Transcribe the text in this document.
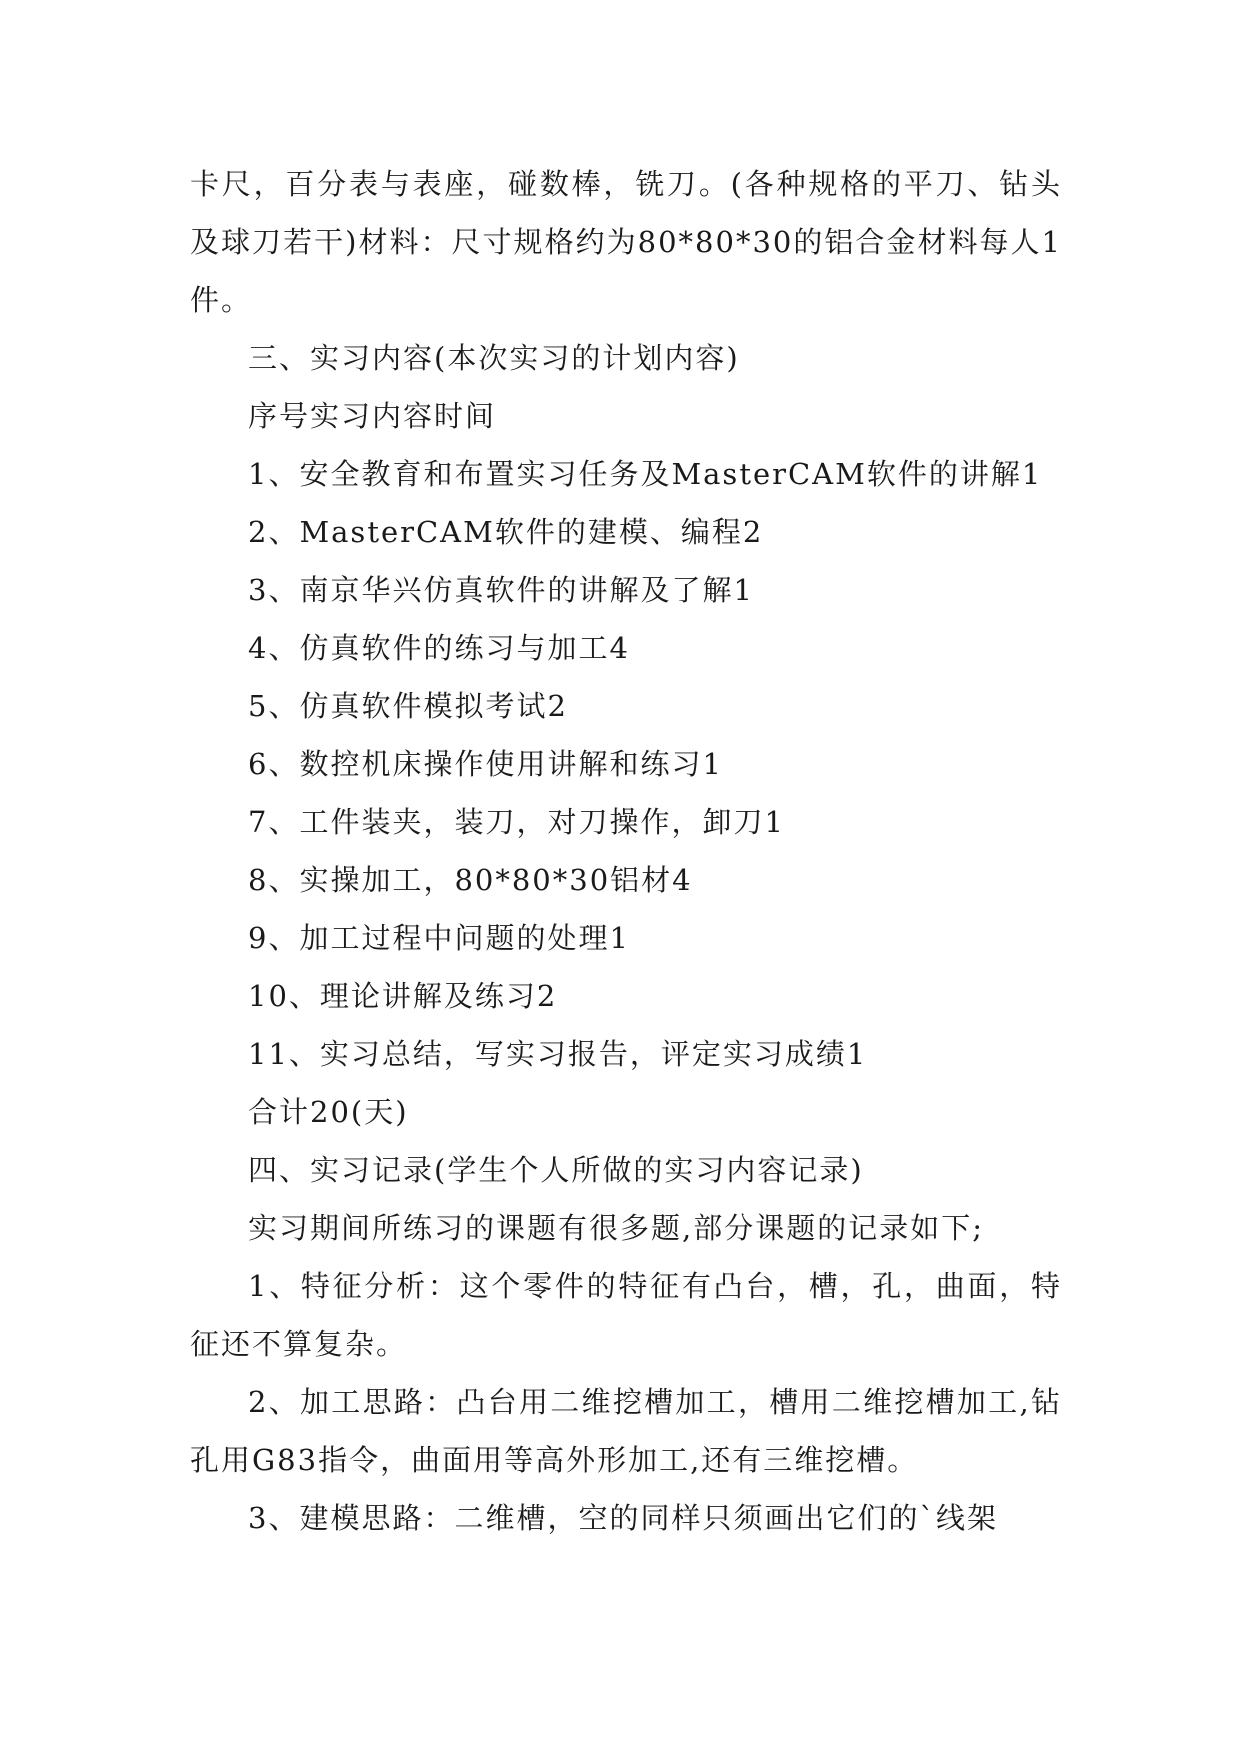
卡尺，百分表与表座，碰数棒，铣刀。(各种规格的平刀、钻头及球刀若干)材料：尺寸规格约为80*80*30的铝合金材料每人1件。

三、实习内容(本次实习的计划内容)

序号实习内容时间

1、安全教育和布置实习任务及MasterCAM软件的讲解1

2、MasterCAM软件的建模、编程2

3、南京华兴仿真软件的讲解及了解1

4、仿真软件的练习与加工4

5、仿真软件模拟考试2

6、数控机床操作使用讲解和练习1

7、工件装夹，装刀，对刀操作，卸刀1

8、实操加工，80*80*30铝材4

9、加工过程中问题的处理1

10、理论讲解及练习2

11、实习总结，写实习报告，评定实习成绩1

合计20(天)

四、实习记录(学生个人所做的实习内容记录)

实习期间所练习的课题有很多题,部分课题的记录如下;

1、特征分析：这个零件的特征有凸台，槽，孔，曲面，特征还不算复杂。

2、加工思路：凸台用二维挖槽加工，槽用二维挖槽加工,钻孔用G83指令，曲面用等高外形加工,还有三维挖槽。

3、建模思路：二维槽，空的同样只须画出它们的`线架
